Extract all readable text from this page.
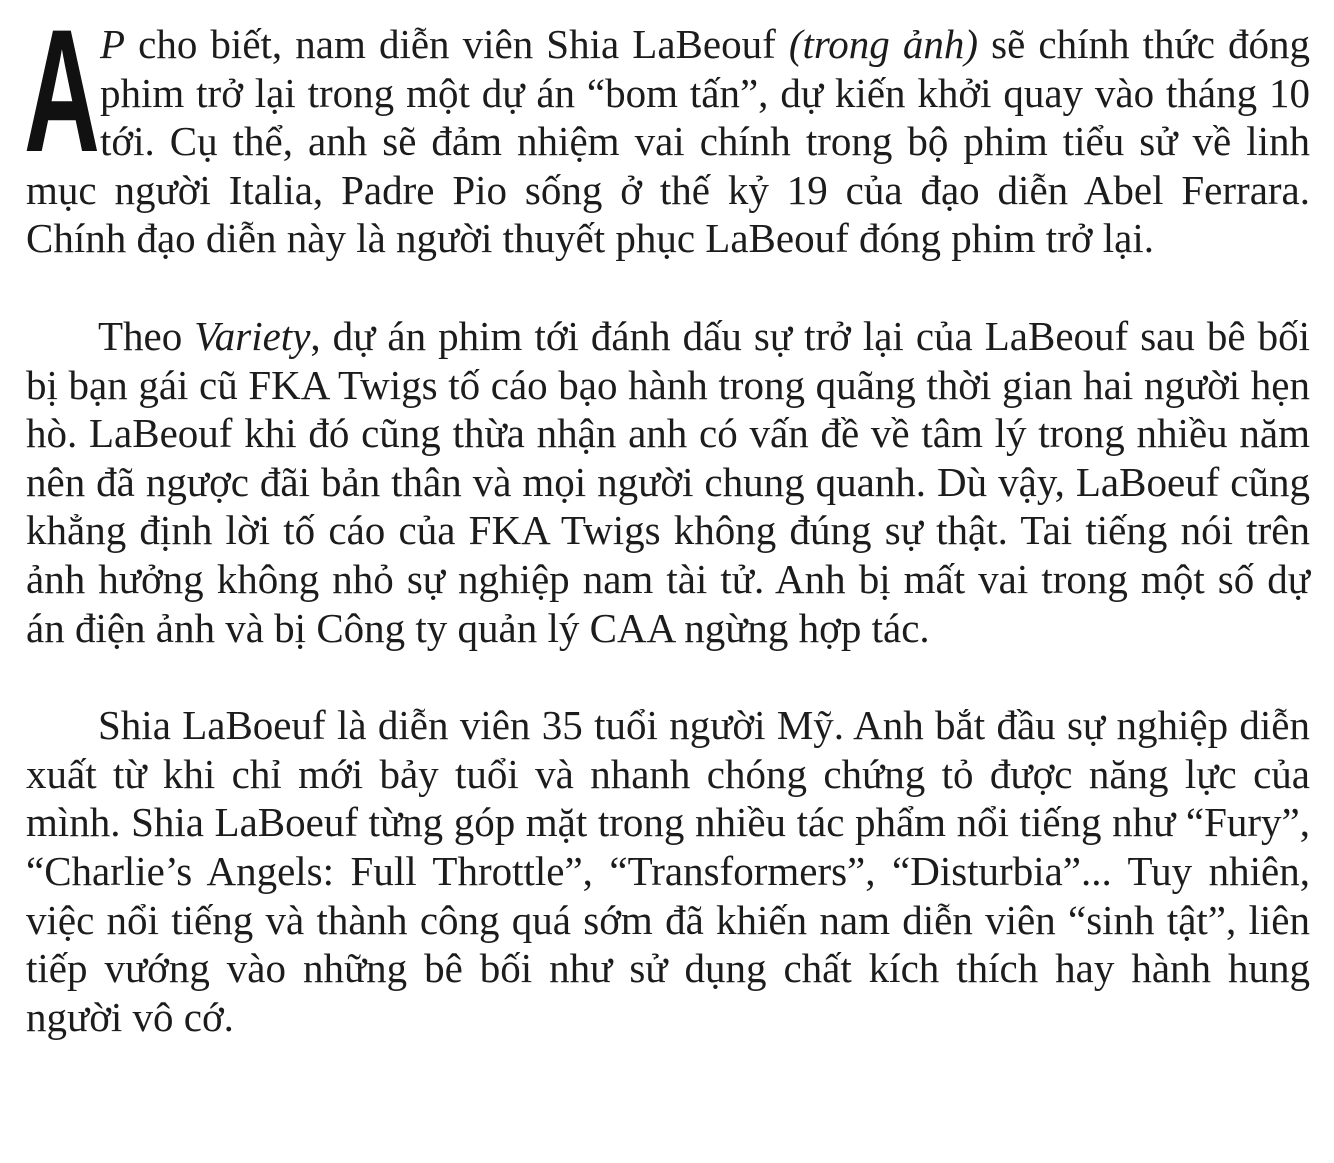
A P cho biết, nam diễn viên Shia LaBeouf (trong ảnh) sẽ chính thức đóng phim trở lại trong một dự án “bom tấn”, dự kiến khởi quay vào tháng 10 tới. Cụ thể, anh sẽ đảm nhiệm vai chính trong bộ phim tiểu sử về linh mục người Italia, Padre Pio sống ở thế kỷ 19 của đạo diễn Abel Ferrara. Chính đạo diễn này là người thuyết phục LaBeouf đóng phim trở lại.

Theo Variety, dự án phim tới đánh dấu sự trở lại của LaBeouf sau bê bối bị bạn gái cũ FKA Twigs tố cáo bạo hành trong quãng thời gian hai người hẹn hò. LaBeouf khi đó cũng thừa nhận anh có vấn đề về tâm lý trong nhiều năm nên đã ngược đãi bản thân và mọi người chung quanh. Dù vậy, LaBoeuf cũng khẳng định lời tố cáo của FKA Twigs không đúng sự thật. Tai tiếng nói trên ảnh hưởng không nhỏ sự nghiệp nam tài tử. Anh bị mất vai trong một số dự án điện ảnh và bị Công ty quản lý CAA ngừng hợp tác.

Shia LaBoeuf là diễn viên 35 tuổi người Mỹ. Anh bắt đầu sự nghiệp diễn xuất từ khi chỉ mới bảy tuổi và nhanh chóng chứng tỏ được năng lực của mình. Shia LaBoeuf từng góp mặt trong nhiều tác phẩm nổi tiếng như “Fury”, “Charlie’s Angels: Full Throttle”, “Transformers”, “Disturbia”... Tuy nhiên, việc nổi tiếng và thành công quá sớm đã khiến nam diễn viên “sinh tật”, liên tiếp vướng vào những bê bối như sử dụng chất kích thích hay hành hung người vô cớ.
